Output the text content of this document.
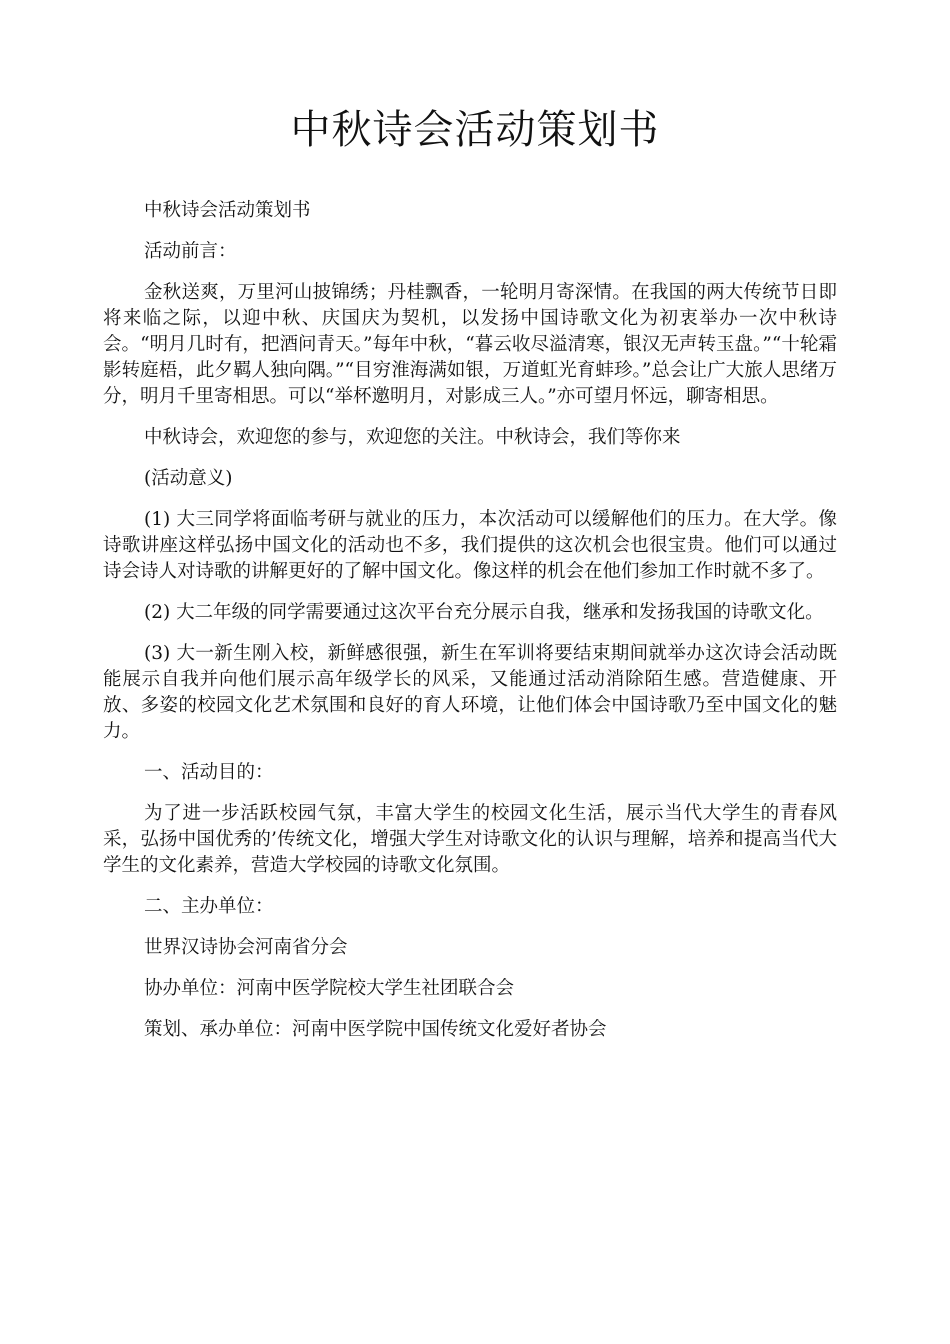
中秋诗会活动策划书

中秋诗会活动策划书

活动前言：

金秋送爽，万里河山披锦绣；丹桂飘香，一轮明月寄深情。在我国的两大传统节日即将来临之际，以迎中秋、庆国庆为契机，以发扬中国诗歌文化为初衷举办一次中秋诗会。“明月几时有，把酒问青天。”每年中秋，“暮云收尽溢清寒，银汉无声转玉盘。”“十轮霜影转庭梧，此夕羁人独向隅。”“目穷淮海满如银，万道虹光育蚌珍。”总会让广大旅人思绪万分，明月千里寄相思。可以“举杯邀明月，对影成三人。”亦可望月怀远，聊寄相思。

中秋诗会，欢迎您的参与，欢迎您的关注。中秋诗会，我们等你来

(活动意义)

(1) 大三同学将面临考研与就业的压力，本次活动可以缓解他们的压力。在大学。像诗歌讲座这样弘扬中国文化的活动也不多，我们提供的这次机会也很宝贵。他们可以通过诗会诗人对诗歌的讲解更好的了解中国文化。像这样的机会在他们参加工作时就不多了。

(2) 大二年级的同学需要通过这次平台充分展示自我，继承和发扬我国的诗歌文化。

(3) 大一新生刚入校，新鲜感很强，新生在军训将要结束期间就举办这次诗会活动既能展示自我并向他们展示高年级学长的风采，又能通过活动消除陌生感。营造健康、开放、多姿的校园文化艺术氛围和良好的育人环境，让他们体会中国诗歌乃至中国文化的魅力。

一、活动目的：

为了进一步活跃校园气氛，丰富大学生的校园文化生活，展示当代大学生的青春风采，弘扬中国优秀的’传统文化，增强大学生对诗歌文化的认识与理解，培养和提高当代大学生的文化素养，营造大学校园的诗歌文化氛围。

二、主办单位：

世界汉诗协会河南省分会

协办单位：河南中医学院校大学生社团联合会

策划、承办单位：河南中医学院中国传统文化爱好者协会
